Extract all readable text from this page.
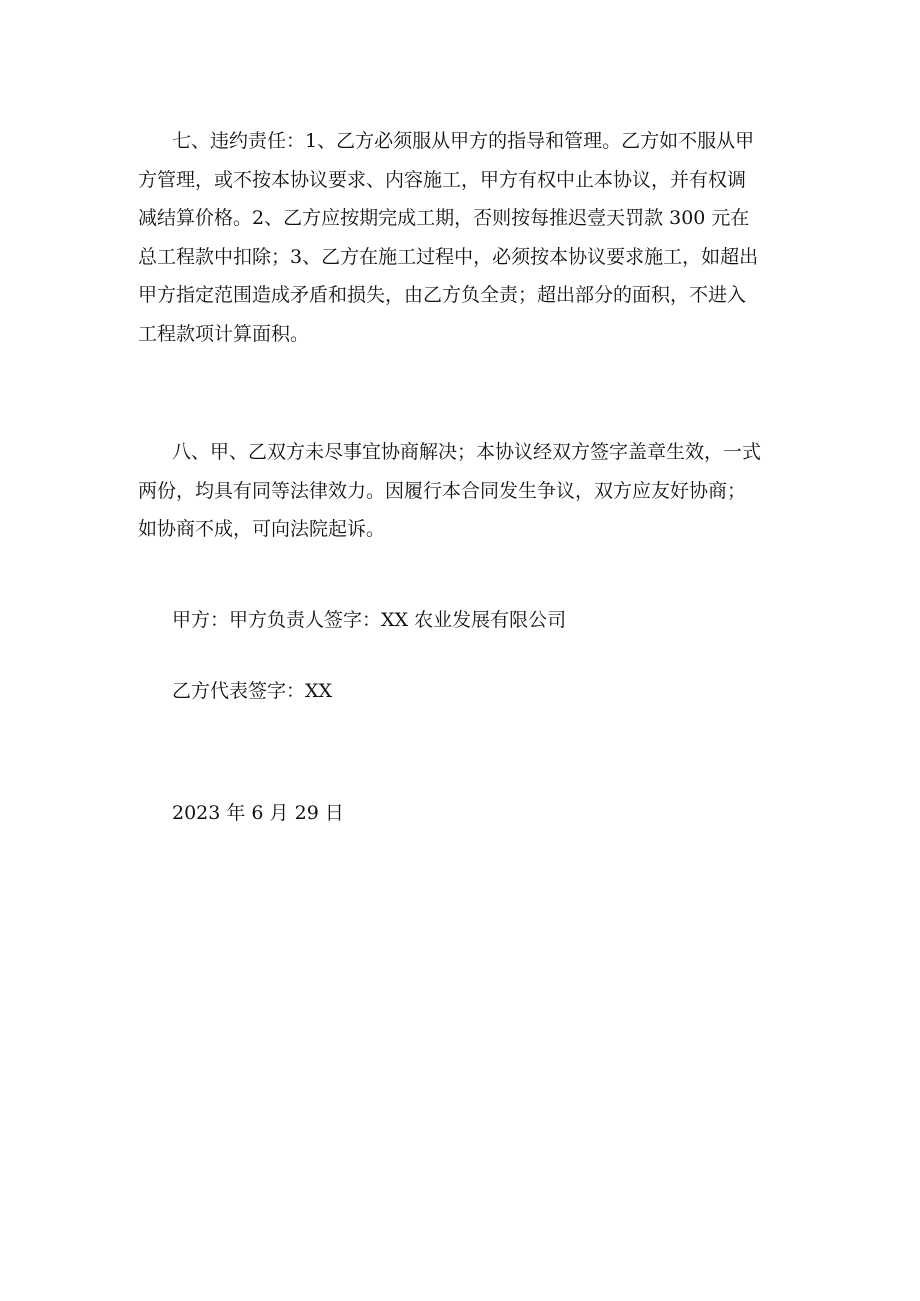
七、违约责任：1、乙方必须服从甲方的指导和管理。乙方如不服从甲
方管理，或不按本协议要求、内容施工，甲方有权中止本协议，并有权调
减结算价格。2、乙方应按期完成工期，否则按每推迟壹天罚款 300 元在
总工程款中扣除；3、乙方在施工过程中，必须按本协议要求施工，如超出
甲方指定范围造成矛盾和损失，由乙方负全责；超出部分的面积，不进入
工程款项计算面积。
八、甲、乙双方未尽事宜协商解决；本协议经双方签字盖章生效，一式
两份，均具有同等法律效力。因履行本合同发生争议，双方应友好协商；
如协商不成，可向法院起诉。

甲方：甲方负责人签字：XX 农业发展有限公司

乙方代表签字：XX

2023 年 6 月 29 日
